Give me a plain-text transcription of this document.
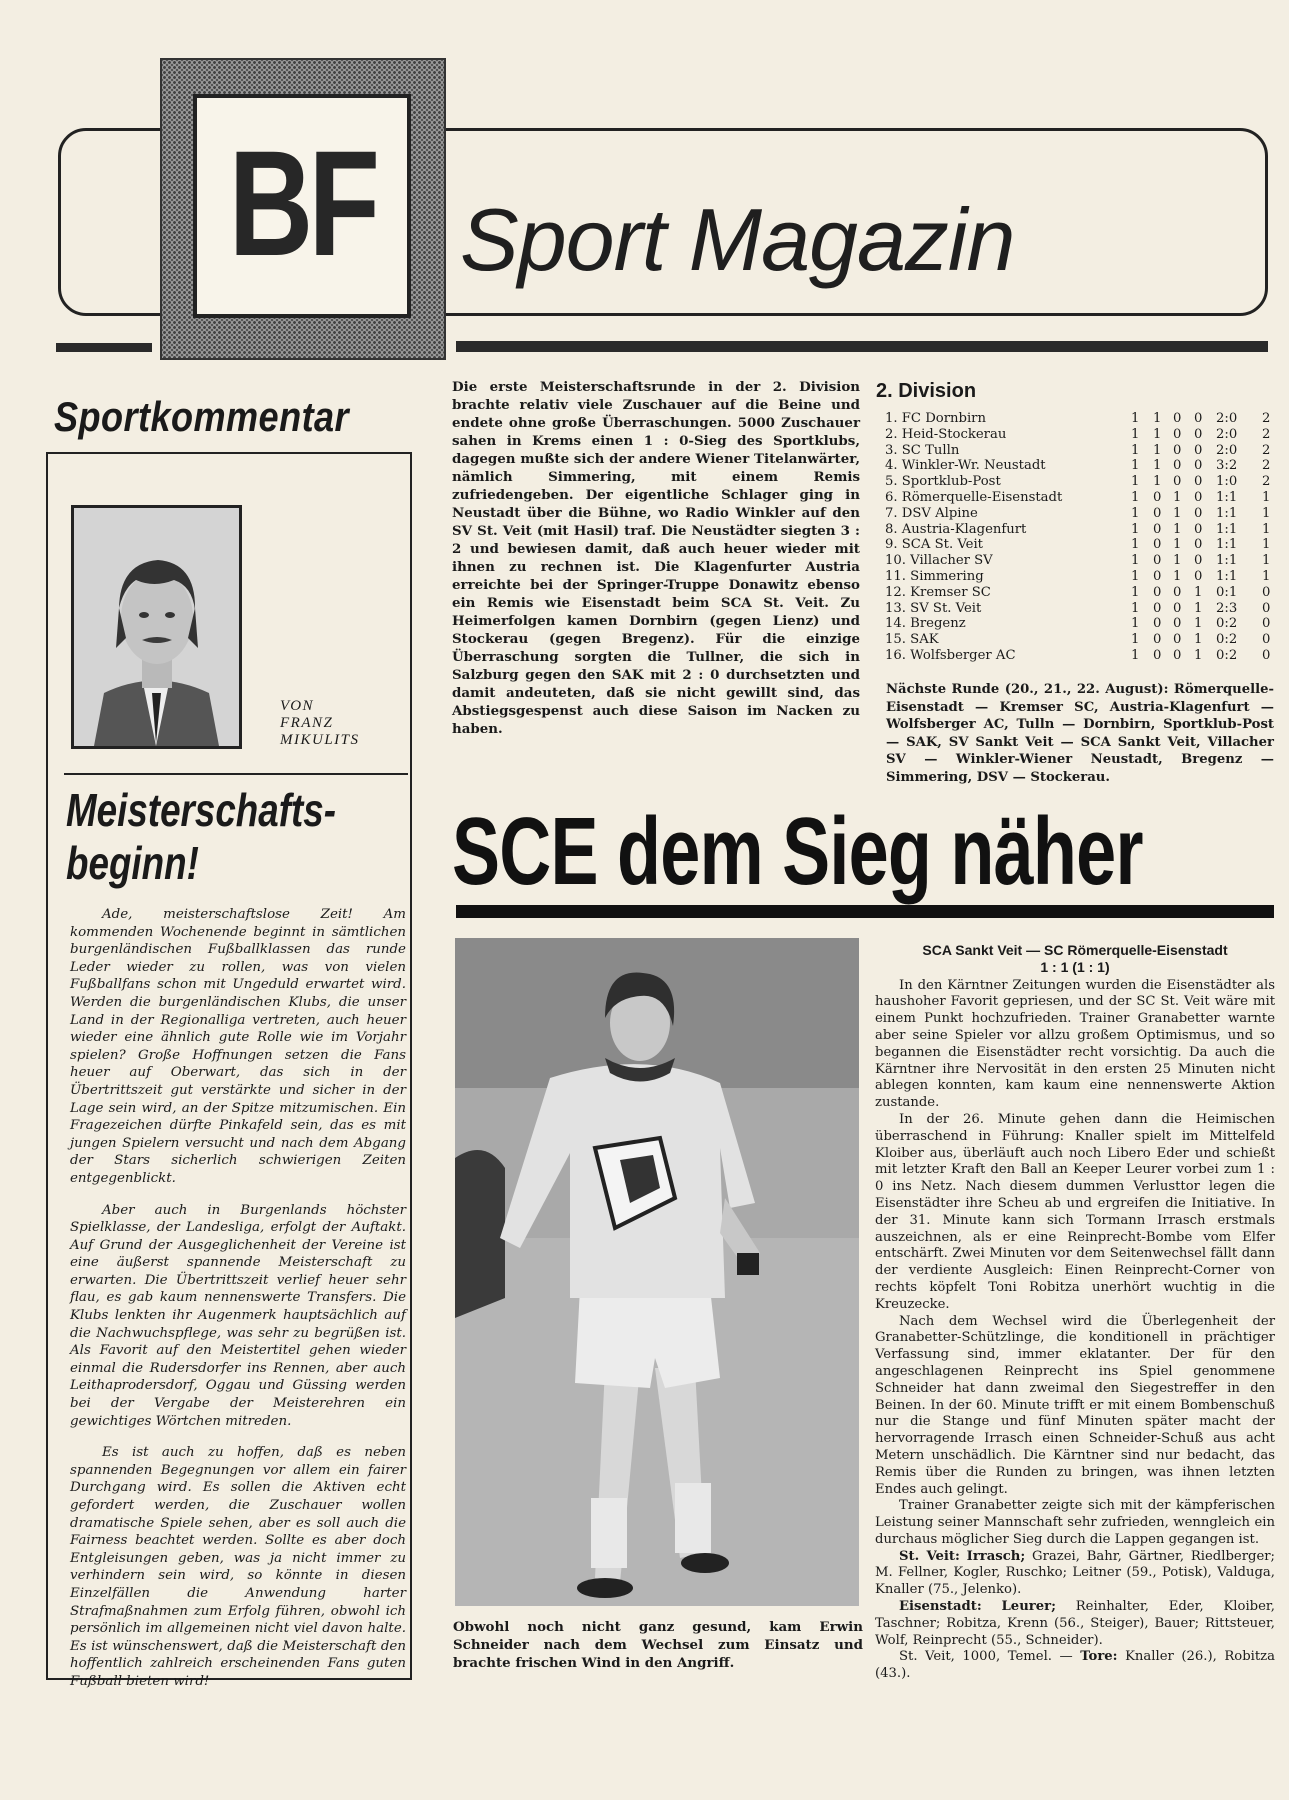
BF Sport Magazin
Sportkommentar
VON
FRANZ
MIKULITS
Meisterschafts-beginn!

Ade, meisterschaftslose Zeit! Am kommenden Wochenende beginnt in sämtlichen burgenländischen Fußballklassen das runde Leder wieder zu rollen, was von vielen Fußballfans schon mit Ungeduld erwartet wird. Werden die burgenländischen Klubs, die unser Land in der Regionalliga vertreten, auch heuer wieder eine ähnlich gute Rolle wie im Vorjahr spielen? Große Hoffnungen setzen die Fans heuer auf Oberwart, das sich in der Übertrittszeit gut verstärkte und sicher in der Lage sein wird, an der Spitze mitzumischen. Ein Fragezeichen dürfte Pinkafeld sein, das es mit jungen Spielern versucht und nach dem Abgang der Stars sicherlich schwierigen Zeiten entgegenblickt.

Aber auch in Burgenlands höchster Spielklasse, der Landesliga, erfolgt der Auftakt. Auf Grund der Ausgeglichenheit der Vereine ist eine äußerst spannende Meisterschaft zu erwarten. Die Übertrittszeit verlief heuer sehr flau, es gab kaum nennenswerte Transfers. Die Klubs lenkten ihr Augenmerk hauptsächlich auf die Nachwuchspflege, was sehr zu begrüßen ist. Als Favorit auf den Meistertitel gehen wieder einmal die Rudersdorfer ins Rennen, aber auch Leithaprodersdorf, Oggau und Güssing werden bei der Vergabe der Meisterehren ein gewichtiges Wörtchen mitreden.

Es ist auch zu hoffen, daß es neben spannenden Begegnungen vor allem ein fairer Durchgang wird. Es sollen die Aktiven echt gefordert werden, die Zuschauer wollen dramatische Spiele sehen, aber es soll auch die Fairness beachtet werden. Sollte es aber doch Entgleisungen geben, was ja nicht immer zu verhindern sein wird, so könnte in diesen Einzelfällen die Anwendung harter Strafmaßnahmen zum Erfolg führen, obwohl ich persönlich im allgemeinen nicht viel davon halte. Es ist wünschenswert, daß die Meisterschaft den hoffentlich zahlreich erscheinenden Fans guten Fußball bieten wird!

Die erste Meisterschaftsrunde in der 2. Division brachte relativ viele Zuschauer auf die Beine und endete ohne große Überraschungen. 5000 Zuschauer sahen in Krems einen 1 : 0-Sieg des Sportklubs, dagegen mußte sich der andere Wiener Titelanwärter, nämlich Simmering, mit einem Remis zufriedengeben. Der eigentliche Schlager ging in Neustadt über die Bühne, wo Radio Winkler auf den SV St. Veit (mit Hasil) traf. Die Neustädter siegten 3 : 2 und bewiesen damit, daß auch heuer wieder mit ihnen zu rechnen ist. Die Klagenfurter Austria erreichte bei der Springer-Truppe Donawitz ebenso ein Remis wie Eisenstadt beim SCA St. Veit. Zu Heimerfolgen kamen Dornbirn (gegen Lienz) und Stockerau (gegen Bregenz). Für die einzige Überraschung sorgten die Tullner, die sich in Salzburg gegen den SAK mit 2 : 0 durchsetzten und damit andeuteten, daß sie nicht gewillt sind, das Abstiegsgespenst auch diese Saison im Nacken zu haben.
2. Division
1. FC Dornbirn	1 1 0 0 2:0 2
2. Heid-Stockerau	1 1 0 0 2:0 2
3. SC Tulln	1 1 0 0 2:0 2
4. Winkler-Wr. Neustadt	1 1 0 0 3:2 2
5. Sportklub-Post	1 1 0 0 1:0 2
6. Römerquelle-Eisenstadt	1 0 1 0 1:1 1
7. DSV Alpine	1 0 1 0 1:1 1
8. Austria-Klagenfurt	1 0 1 0 1:1 1
9. SCA St. Veit	1 0 1 0 1:1 1
10. Villacher SV	1 0 1 0 1:1 1
11. Simmering	1 0 1 0 1:1 1
12. Kremser SC	1 0 0 1 0:1 0
13. SV St. Veit	1 0 0 1 2:3 0
14. Bregenz	1 0 0 1 0:2 0
15. SAK	1 0 0 1 0:2 0
16. Wolfsberger AC	1 0 0 1 0:2 0
Nächste Runde (20., 21., 22. August): Römerquelle-Eisenstadt — Kremser SC, Austria-Klagenfurt — Wolfsberger AC, Tulln — Dornbirn, Sportklub-Post — SAK, SV Sankt Veit — SCA Sankt Veit, Villacher SV — Winkler-Wiener Neustadt, Bregenz — Simmering, DSV — Stockerau.
SCE dem Sieg näher
Obwohl noch nicht ganz gesund, kam Erwin Schneider nach dem Wechsel zum Einsatz und brachte frischen Wind in den Angriff.

SCA Sankt Veit — SC Römerquelle-Eisenstadt

1 : 1 (1 : 1)

In den Kärntner Zeitungen wurden die Eisenstädter als haushoher Favorit gepriesen, und der SC St. Veit wäre mit einem Punkt hochzufrieden. Trainer Granabetter warnte aber seine Spieler vor allzu großem Optimismus, und so begannen die Eisenstädter recht vorsichtig. Da auch die Kärntner ihre Nervosität in den ersten 25 Minuten nicht ablegen konnten, kam kaum eine nennenswerte Aktion zustande.

In der 26. Minute gehen dann die Heimischen überraschend in Führung: Knaller spielt im Mittelfeld Kloiber aus, überläuft auch noch Libero Eder und schießt mit letzter Kraft den Ball an Keeper Leurer vorbei zum 1 : 0 ins Netz. Nach diesem dummen Verlusttor legen die Eisenstädter ihre Scheu ab und ergreifen die Initiative. In der 31. Minute kann sich Tormann Irrasch erstmals auszeichnen, als er eine Reinprecht-Bombe vom Elfer entschärft. Zwei Minuten vor dem Seitenwechsel fällt dann der verdiente Ausgleich: Einen Reinprecht-Corner von rechts köpfelt Toni Robitza unerhört wuchtig in die Kreuzecke.

Nach dem Wechsel wird die Überlegenheit der Granabetter-Schützlinge, die konditionell in prächtiger Verfassung sind, immer eklatanter. Der für den angeschlagenen Reinprecht ins Spiel genommene Schneider hat dann zweimal den Siegestreffer in den Beinen. In der 60. Minute trifft er mit einem Bombenschuß nur die Stange und fünf Minuten später macht der hervorragende Irrasch einen Schneider-Schuß aus acht Metern unschädlich. Die Kärntner sind nur bedacht, das Remis über die Runden zu bringen, was ihnen letzten Endes auch gelingt.

Trainer Granabetter zeigte sich mit der kämpferischen Leistung seiner Mannschaft sehr zufrieden, wenngleich ein durchaus möglicher Sieg durch die Lappen gegangen ist.

St. Veit: Irrasch; Grazei, Bahr, Gärtner, Riedlberger; M. Fellner, Kogler, Ruschko; Leitner (59., Potisk), Valduga, Knaller (75., Jelenko).

Eisenstadt: Leurer; Reinhalter, Eder, Kloiber, Taschner; Robitza, Krenn (56., Steiger), Bauer; Rittsteuer, Wolf, Reinprecht (55., Schneider).

St. Veit, 1000, Temel. — Tore: Knaller (26.), Robitza (43.).
